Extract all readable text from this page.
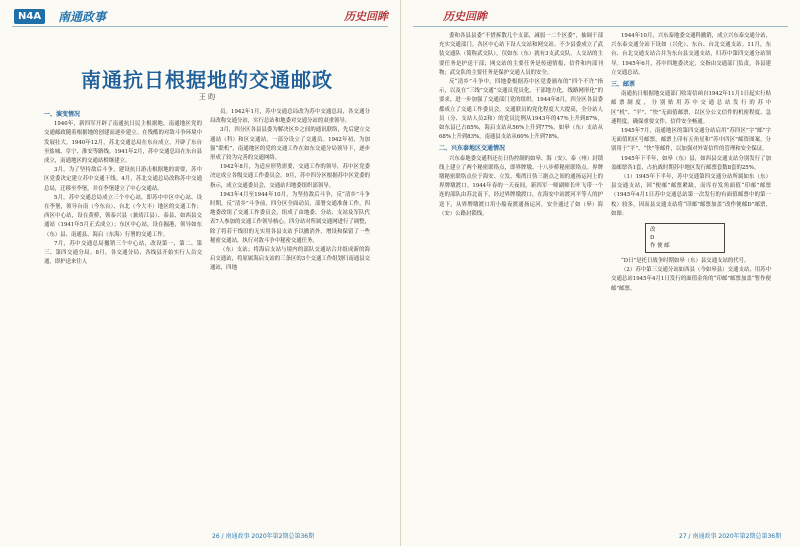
N4A	南通政事	历史回眸
南通抗日根据地的交通邮政
王 昀
一、演变情况

1940年，新四军开辟了南通抗日民主根据地，南通地区党的交通邮政随着根据地的创建而逐步建立。在残酷的对敌斗争环境中发展壮大。1940年12月，苏北交通总局在东台成立，开辟了东台至盐城、阜宁、淮安等路线。1941年2月，苏中交通总局在东台县成立，南通地区的交通站相继建立。

3月，为了坚持敌后斗争，建设抗日游击根据地的需要，苏中区党委决定建立苏中交通干线。4月，苏北交通总局改称苏中交通总局，迁移至李堡，并在李堡建立了中心交通站。

5月，苏中交通总局成立三个中心站，即苏中中区中心站、设在李堡，领导台南（今东台）、台北（今大丰）地区的交通工作；西区中心站，设在黄桥，领泰兴县（兼靖江县）、泰县、如西县交通站（1941年5月正式成立）；东区中心站，设在掘港，领导如东（东）县、南通县、海启（东海）行署的交通工作。

7月，苏中交通总局撤销三个中心站，改设第一、第二、第三、第四交通分局。8月，各交通分局、各线县开始实行人员交通，即护送来往人

员。1942年1月，苏中交通总局改为苏中交通总局，各交通分局改称交通分站，实行总站和地委对交通分站的双重领导。

3月，四分区各县县委为解决区乡之间的通讯联络，先后建立交通站（科）和区交通站，一部分设立了交通员。1942年初，为加强“联机”，南通地区的党的交通工作在如东交通分局领导下，逐步形成了较为完善的交通网络。

1942年8月，为适应形势需要，交通工作的领导，苏中区党委决定成立各级交通工作委员会。9月，苏中四分区根据苏中区党委的指示，成立交通委员会，交通站归地委组织部领导。

1943年4月至1944年10月，为坚持敌后斗争，反“清乡”斗争时期，反“清乡”斗争前，四分区全面动员，部署交通准备工作，四地委改组了交通工作委员会，组成了由地委、分站、支站及军队代表7人参加的交通工作领导核心。四分站对所属交通网进行了调整，除了将若干线旧的无实用各县支站予以撤消外，增设和保留了一些秘密交通站，执行对敌斗争中秘密交通任务。

（东）支站；将海启支站与境内的部队交通站合并组成新的海启交通站，将原属海启支站的三条区的3个交通工作组划归南通县交通站，四地

26 / 南通政事 2020年第2期总第36期
历史回眸

委和各县县委“不惜拆散几个支部，减弱一二个区委”，抽调干部充实交通部门。各区中心站下设人交站和网交站。不少县委成立了武装交通队（简称武交队），仅如东（东）就有3支武交队。人交站的主要任务是护送干部；网交站的主要任务是传递情报、信件和内部刊物；武交队的主要任务是保护交通人员的安全。

反“清乡”斗争中，四地委根据苏中区党委颁布的“四个不许”指示，以及在“三线”交通“交通员党员化，干部地方化，线路网形化”的要求，进一步加强了交通部门党的组织。1944年8月，四分区各县委都成立了交通工作委员会，交通联员的党化程度大大提高，全分站人员（分、支站人员2和）的党员比例从1943年的47%上升到87%，如东县已占85%，海启支站从56%上升到77%。如皋（东）支站从68%上升到83%，南通县支站从60%上升到78%。

二、兴东泰地区交通情况

兴东泰地委交通科还在日伪控制的如皋、海（安）、泰（州）封锁线上建立了两个秘密联络点，即界牌墩、十八步桥秘密联络点。界牌墩秘密联络点位于海安、立发、柴湾日伪三据点之间的通扬运河上的界牌墩渡口。1944年春的一天夜间，新四军一师副师长叶飞带一个连的部队由苏北南下，经过界牌墩渡口，在海安中站渡河平等人的护送下，从界牌墩渡口用小船夜渡通扬运河，安全通过了如（皋）海（安）公路封锁线。

1944年10月，兴东泰地委交通科撤销，成立兴东泰交通分站，兴东泰交通分站下设如（兴化）、东台、台北交通支站。11月，东台、台北交通支站合并为东台县交通支站，归苏中第四交通分站领导。1945年6月，苏中四地委决定，交指由交通部门负责，各县建立交通总站。

三、邮票

南通抗日根据地交通部门收寄信函自1942年11月1日起实行贴邮票制度，分别贴用苏中交通总站发行的苏中区“机”、“平”、“快”无面值邮票，以区分公文信件的机密程度、急速程度，确保重要文件、信件安全畅通。

1945年7月，南通地区的第四交通分站启用“苏四区”字“邮”字无面值的区号邮票，邮票上印有五角星和“苏中四区”邮资图案，分别用于“平”、“快”等邮件，以加强对外寄信件的管理和安全保证。

1945年下半年，如皋（东）县，如西县交通支站分别发行了加盖邮票各1套，占抗战时期苏中地区发行邮票套数8套的25%。

（1）1945年下半年，苏中交通第四交通分站所属如东（东）县交通支站，因“便邮”邮票紧缺，而库存发角面值“印邮”邮票（1945年4月1日苏中交通总站第一次发行的有面值邮票中的第一枚）较多，因而县交通支站将“印邮”邮票加盖“改作便邮D”邮票，如图：

改
D
作 便 邮

“D日”是托日战争时期如皋（东）县交通支站的代号。

（2）苏中第三交通分站如西县（今如皋县）交通支站，用苏中交通总站1945年4月1日发行的面值金角的“印邮”邮票加盖“暂作便邮”邮票。

27 / 南通政事 2020年第2期总第36期
